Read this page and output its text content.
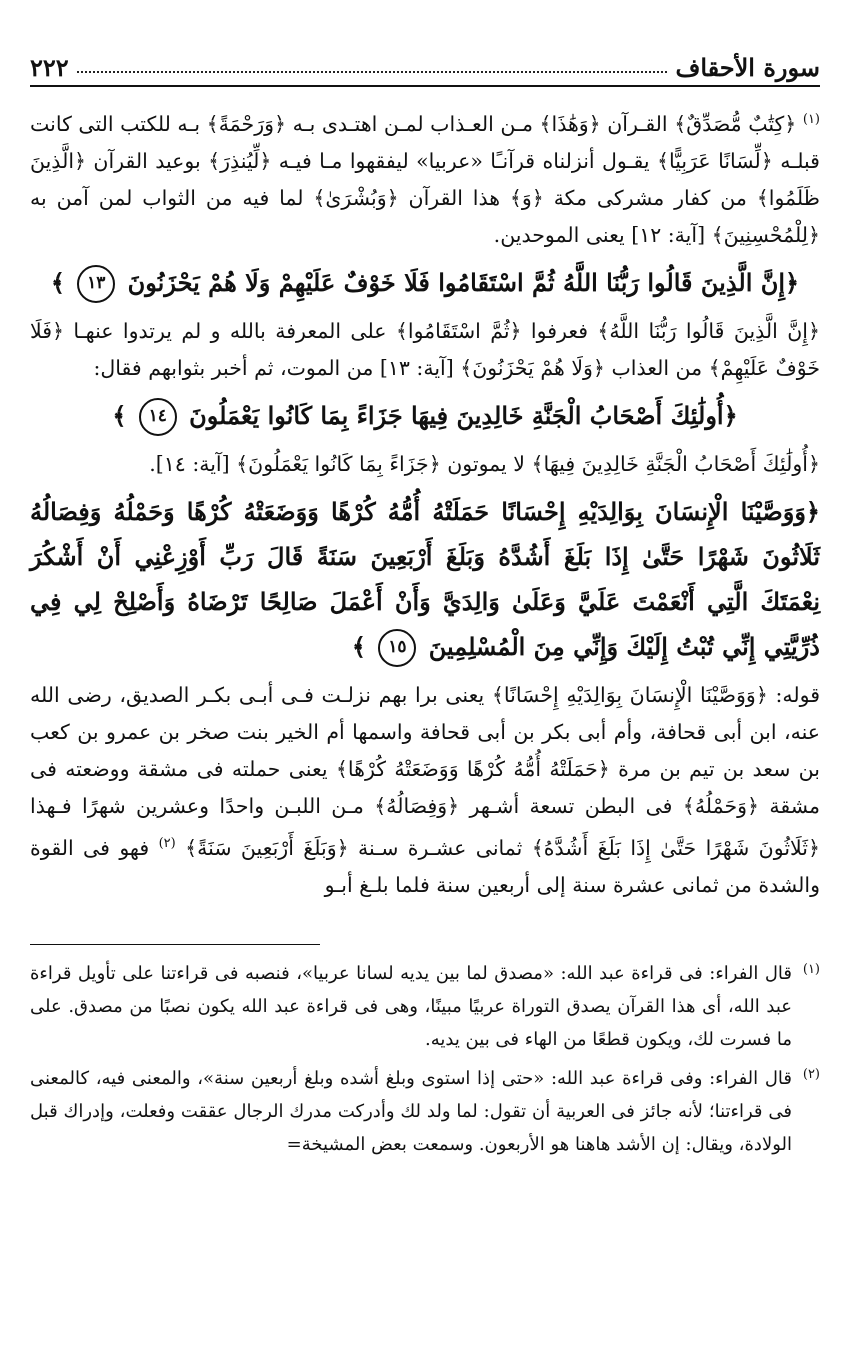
سورة الأحقاف
٢٢٢

$^{(١)}$ ﴿كِتَٰبٌ مُّصَدِّقٌ﴾ القـرآن ﴿وَهَٰذَا﴾ مـن العـذاب لمـن اهتـدى بـه ﴿وَرَحْمَةً﴾ بـه للكتب التى كانت قبلـه ﴿لِّسَانًا عَرَبِيًّا﴾ يقـول أنزلناه قرآنـًا «عربيا» ليفقهوا مـا فيـه ﴿لِّيُنذِرَ﴾ بوعيد القرآن ﴿الَّذِينَ ظَلَمُوا﴾ من كفار مشركى مكة ﴿وَ﴾ هذا القرآن ﴿وَبُشْرَىٰ﴾ لما فيه من الثواب لمن آمن به ﴿لِلْمُحْسِنِينَ﴾ [آية: ١٢] يعنى الموحدين.

﴿إِنَّ الَّذِينَ قَالُوا رَبُّنَا اللَّهُ ثُمَّ اسْتَقَامُوا فَلَا خَوْفٌ عَلَيْهِمْ وَلَا هُمْ يَحْزَنُونَ ١٣ ﴾

﴿إِنَّ الَّذِينَ قَالُوا رَبُّنَا اللَّهُ﴾ فعرفوا ﴿ثُمَّ اسْتَقَامُوا﴾ على المعرفة بالله و لم يرتدوا عنهـا ﴿فَلَا خَوْفٌ عَلَيْهِمْ﴾ من العذاب ﴿وَلَا هُمْ يَحْزَنُونَ﴾ [آية: ١٣] من الموت، ثم أخبر بثوابهم فقال:

﴿أُولَٰئِكَ أَصْحَابُ الْجَنَّةِ خَالِدِينَ فِيهَا جَزَاءً بِمَا كَانُوا يَعْمَلُونَ ١٤ ﴾

﴿أُولَٰئِكَ أَصْحَابُ الْجَنَّةِ خَالِدِينَ فِيهَا﴾ لا يموتون ﴿جَزَاءً بِمَا كَانُوا يَعْمَلُونَ﴾ [آية: ١٤].

﴿وَوَصَّيْنَا الْإِنسَانَ بِوَالِدَيْهِ إِحْسَانًا حَمَلَتْهُ أُمُّهُ كُرْهًا وَوَضَعَتْهُ كُرْهًا وَحَمْلُهُ وَفِصَالُهُ ثَلَاثُونَ شَهْرًا حَتَّىٰ إِذَا بَلَغَ أَشُدَّهُ وَبَلَغَ أَرْبَعِينَ سَنَةً قَالَ رَبِّ أَوْزِعْنِي أَنْ أَشْكُرَ نِعْمَتَكَ الَّتِي أَنْعَمْتَ عَلَيَّ وَعَلَىٰ وَالِدَيَّ وَأَنْ أَعْمَلَ صَالِحًا تَرْضَاهُ وَأَصْلِحْ لِي فِي ذُرِّيَّتِي إِنِّي تُبْتُ إِلَيْكَ وَإِنِّي مِنَ الْمُسْلِمِينَ ١٥ ﴾

قوله: ﴿وَوَصَّيْنَا الْإِنسَانَ بِوَالِدَيْهِ إِحْسَانًا﴾ يعنى برا بهم نزلـت فـى أبـى بكـر الصديق، رضى الله عنه، ابن أبى قحافة، وأم أبى بكر بن أبى قحافة واسمها أم الخير بنت صخر بن عمرو بن كعب بن سعد بن تيم بن مرة ﴿حَمَلَتْهُ أُمُّهُ كُرْهًا وَوَضَعَتْهُ كُرْهًا﴾ يعنى حملته فى مشقة ووضعته فى مشقة ﴿وَحَمْلُهُ﴾ فى البطن تسعة أشـهر ﴿وَفِصَالُهُ﴾ مـن اللبـن واحدًا وعشرين شهرًا فـهذا ﴿ثَلَاثُونَ شَهْرًا حَتَّىٰ إِذَا بَلَغَ أَشُدَّهُ﴾ ثمانى عشـرة سـنة ﴿وَبَلَغَ أَرْبَعِينَ سَنَةً﴾ $^{(٢)}$ فهو فى القوة والشدة من ثمانى عشرة سنة إلى أربعين سنة فلما بلـغ أبـو

(١)
قال الفراء: فى قراءة عبد الله: «مصدق لما بين يديه لسانا عربيا»، فنصبه فى قراءتنا على تأويل قراءة عبد الله، أى هذا القرآن يصدق التوراة عربيًا مبينًا، وهى فى قراءة عبد الله يكون نصبًا من مصدق. على ما فسرت لك، ويكون قطعًا من الهاء فى بين يديه.

(٢)
قال الفراء: وفى قراءة عبد الله: «حتى إذا استوى وبلغ أشده وبلغ أربعين سنة»، والمعنى فيه، كالمعنى فى قراءتنا؛ لأنه جائز فى العربية أن تقول: لما ولد لك وأدركت مدرك الرجال عققت وفعلت، وإدراك قبل الولادة، ويقال: إن الأشد هاهنا هو الأربعون. وسمعت بعض المشيخة=
